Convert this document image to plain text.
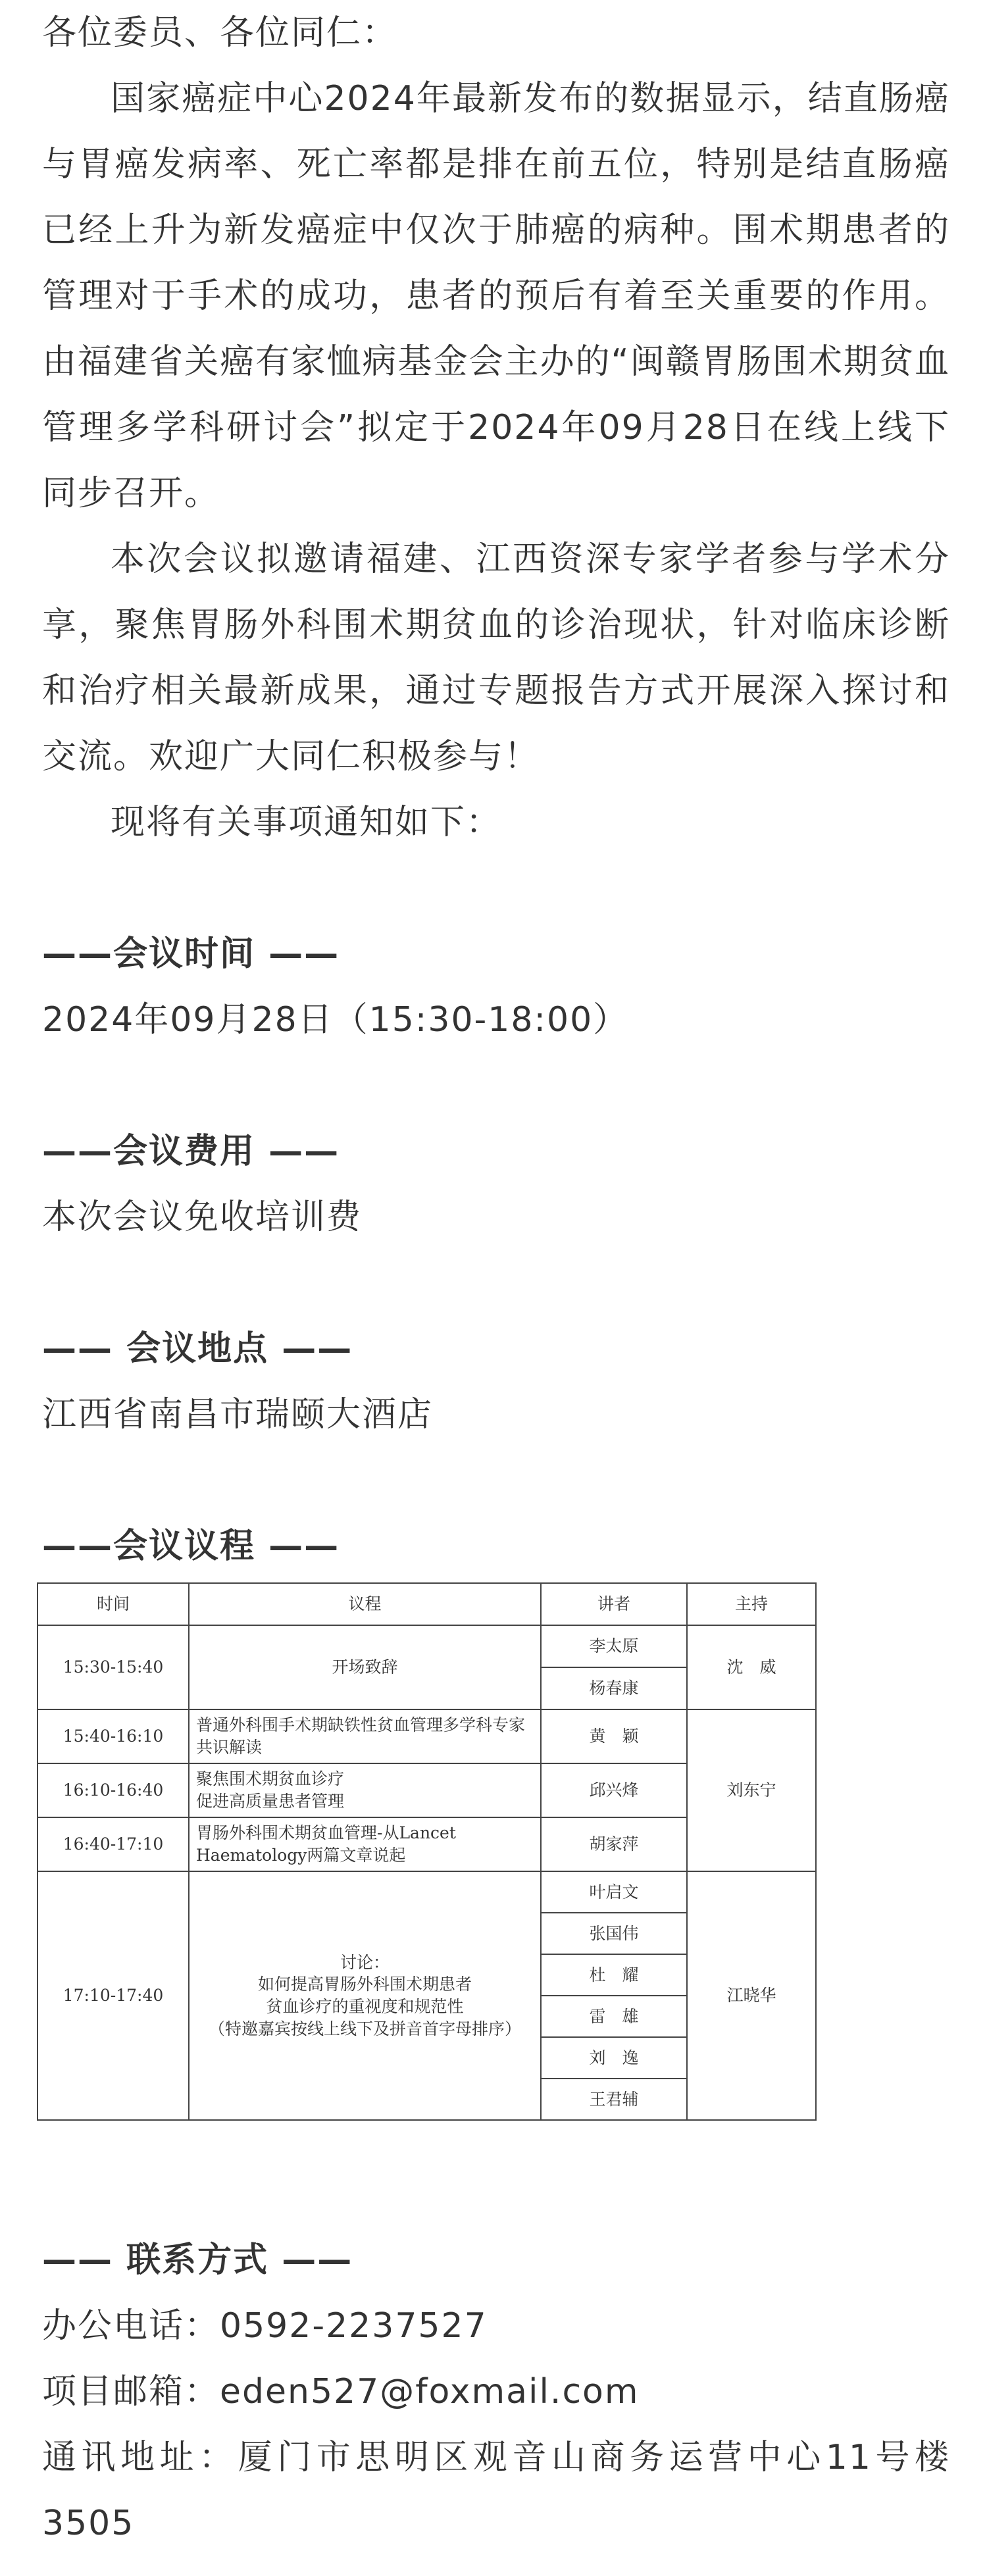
各位委员、各位同仁：

国家癌症中心2024年最新发布的数据显示，结直肠癌与胃癌发病率、死亡率都是排在前五位，特别是结直肠癌已经上升为新发癌症中仅次于肺癌的病种。围术期患者的管理对于手术的成功，患者的预后有着至关重要的作用。由福建省关癌有家恤病基金会主办的“闽赣胃肠围术期贫血管理多学科研讨会”拟定于2024年09月28日在线上线下同步召开。

本次会议拟邀请福建、江西资深专家学者参与学术分享，聚焦胃肠外科围术期贫血的诊治现状，针对临床诊断和治疗相关最新成果，通过专题报告方式开展深入探讨和交流。欢迎广大同仁积极参与！

现将有关事项通知如下：

——会议时间 ——

2024年09月28日（15:30-18:00）

——会议费用 ——

本次会议免收培训费

—— 会议地点 ——

江西省南昌市瑞颐大酒店

——会议议程 ——

时间	议程	讲者	主持
15:30-15:40	开场致辞	李太原	沈　威
		杨春康	
15:40-16:10	普通外科围手术期缺铁性贫血管理多学科专家共识解读	黄　颖	刘东宁
16:10-16:40	聚焦围术期贫血诊疗
促进高质量患者管理	邱兴烽	
16:40-17:10	胃肠外科围术期贫血管理-从Lancet Haematology两篇文章说起	胡家萍	
17:10-17:40	讨论：
如何提高胃肠外科围术期患者
贫血诊疗的重视度和规范性
（特邀嘉宾按线上线下及拼音首字母排序）	叶启文	江晓华
		张国伟	
		杜　耀	
		雷　雄	
		刘　逸	
		王君辅	

—— 联系方式 ——

办公电话：0592-2237527

项目邮箱：eden527@foxmail.com

通讯地址：厦门市思明区观音山商务运营中心11号楼3505
